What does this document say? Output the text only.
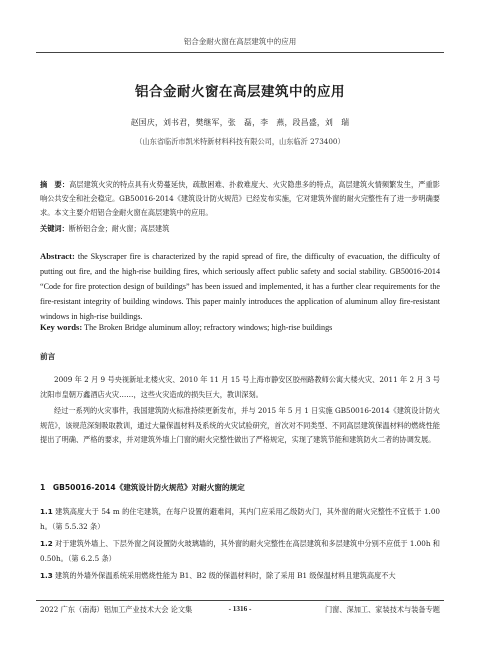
铝合金耐火窗在高层建筑中的应用
铝合金耐火窗在高层建筑中的应用
赵国庆，刘书君，樊继军，张　磊，李　燕，段昌盛，刘　瑞
（山东省临沂市凯米特新材料科技有限公司，山东临沂 273400）
摘　要：高层建筑火灾的特点具有火势蔓延快，疏散困难、扑救难度大、火灾隐患多的特点，高层建筑火情频繁发生，严重影响公共安全和社会稳定。GB50016-2014《建筑设计防火规范》已经发布实施，它对建筑外窗的耐火完整性有了进一步明确要求。本文主要介绍铝合金耐火窗在高层建筑中的应用。
关键词：断桥铝合金；耐火窗；高层建筑
Abstract: the Skyscraper fire is characterized by the rapid spread of fire, the difficulty of evacuation, the difficulty of putting out fire, and the high-rise building fires, which seriously affect public safety and social stability. GB50016-2014 “Code for fire protection design of buildings” has been issued and implemented, it has a further clear requirements for the fire-resistant integrity of building windows. This paper mainly introduces the application of aluminum alloy fire-resistant windows in high-rise buildings.
Key words: The Broken Bridge aluminum alloy; refractory windows; high-rise buildings
前言
2009 年 2 月 9 号央视新址北楼火灾、2010 年 11 月 15 号上海市静安区胶州路教师公寓大楼火灾、2011 年 2 月 3 号沈阳市皇朝万鑫酒店火灾……，这些火灾造成的损失巨大，教训深刻。
经过一系列的火灾事件，我国建筑防火标准持续更新发布，并与 2015 年 5 月 1 日实施 GB50016-2014《建筑设计防火规范》，该规范深刻吸取教训，通过大量保温材料及系统的火灾试验研究，首次对不同类型、不同高层建筑保温材料的燃烧性能提出了明确、严格的要求，并对建筑外墙上门窗的耐火完整性做出了严格规定，实现了建筑节能和建筑防火二者的协调发展。
1　GB50016-2014《建筑设计防火规范》对耐火窗的规定
1.1 建筑高度大于 54 m 的住宅建筑，在每户设置的避难间，其内门应采用乙级防火门，其外窗的耐火完整性不宜低于 1.00 h。（第 5.5.32 条）
1.2 对于建筑外墙上、下层外窗之间设置防火玻璃墙的，其外窗的耐火完整性在高层建筑和多层建筑中分别不应低于 1.00h 和 0.50h。（第 6.2.5 条）
1.3 建筑的外墙外保温系统采用燃烧性能为 B1、B2 级的保温材料时，除了采用 B1 级保温材料且建筑高度不大
2022 广东（南海）铝加工产业技术大会 论文集	- 1316 -	门窗、深加工、家装技术与装备专题
